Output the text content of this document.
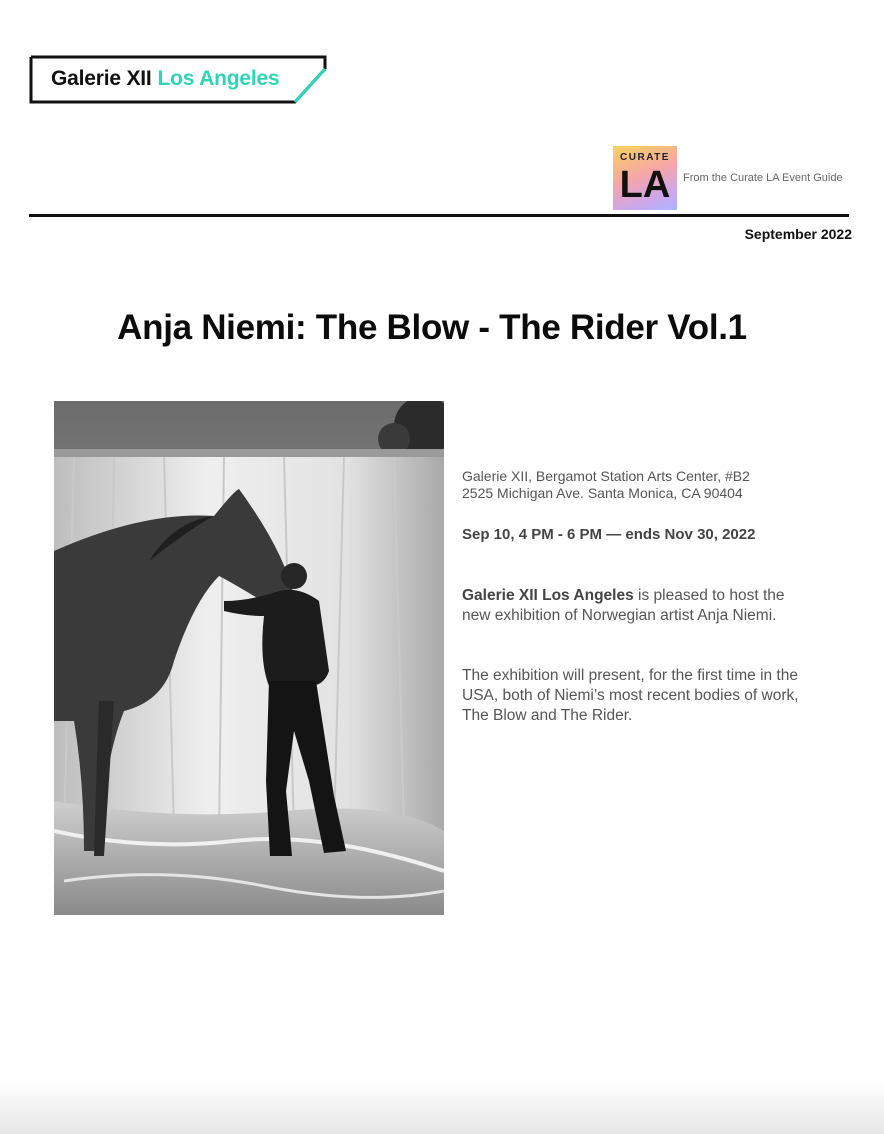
Galerie XII Los Angeles
CURATE
LA	From the Curate LA Event Guide
September 2022
Anja Niemi: The Blow - The Rider Vol.1
Galerie XII, Bergamot Station Arts Center, #B2
2525 Michigan Ave. Santa Monica, CA 90404
Sep 10, 4 PM - 6 PM — ends Nov 30, 2022
Galerie XII Los Angeles is pleased to host the new exhibition of Norwegian artist Anja Niemi.
The exhibition will present, for the first time in the USA, both of Niemi’s most recent bodies of work, The Blow and The Rider.
